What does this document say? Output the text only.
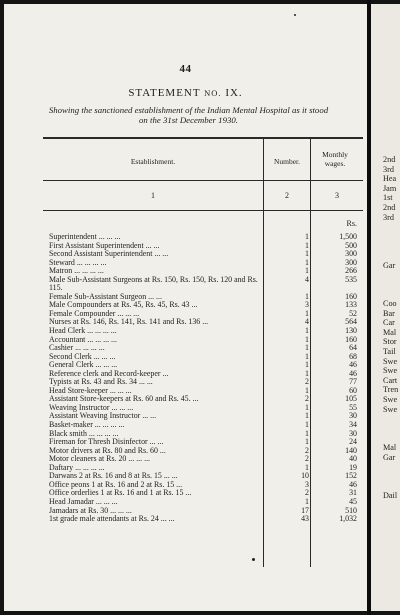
44
STATEMENT NO. IX.
Showing the sanctioned establishment of the Indian Mental Hospital as it stood on the 31st December 1930.
Establishment.	Number.
Monthly wages.
1	2	3
Rs.
Superintendent ... ... ...	1	1,500
First Assistant Superintendent ... ...	1	500
Second Assistant Superintendent ... ...	1	300
Steward ... ... ... ...	1	300
Matron ... ... ... ...	1	266
Male Sub-Assistant Surgeons at Rs. 150, Rs. 150, Rs. 120 and Rs. 115.
4	535
Female Sub-Assistant Surgeon ... ...	1	160
Male Compounders at Rs. 45, Rs. 45, Rs. 43 ...	3	133
Female Compounder ... ... ...	1	52
Nurses at Rs. 146, Rs. 141, Rs. 141 and Rs. 136 ...	4	564
Head Clerk ... ... ... ...	1	130
Accountant ... ... ... ...	1	160
Cashier ... ... ... ...	1	64
Second Clerk ... ... ...	1	68
General Clerk ... ... ...	1	46
Reference clerk and Record-keeper ...	1	46
Typists at Rs. 43 and Rs. 34 ... ...	2	77
Head Store-keeper ... ... ...	1	60
Assistant Store-keepers at Rs. 60 and Rs. 45. ...	2	105
Weaving Instructor ... ... ...	1	55
Assistant Weaving Instructor ... ...	1	30
Basket-maker ... ... ... ...	1	34
Black smith ... ... ... ...	1	30
Fireman for Thresh Disinfector ... ...	1	24
Motor drivers at Rs. 80 and Rs. 60 ...	2	140
Motor cleaners at Rs. 20 ... ... ...	2	40
Daftary ... ... ... ...	1	19
Darwans 2 at Rs. 16 and 8 at Rs. 15 ... ...	10	152
Office peons 1 at Rs. 16 and 2 at Rs. 15 ...	3	46
Office orderlies 1 at Rs. 16 and 1 at Rs. 15 ...	2	31
Head Jamadar ... ... ...	1	45
Jamadars at Rs. 30 ... ... ...	17	510
1st grade male attendants at Rs. 24 ... ...	43	1,032
2nd
3rd
Hea
Jam
1st
2nd
3rd
Gar
Coo
Bar
Car
Mal
Stor
Tail
Swe
Swe
Cart
Tren
Swe
Swe
Mal
Gar
Dail
